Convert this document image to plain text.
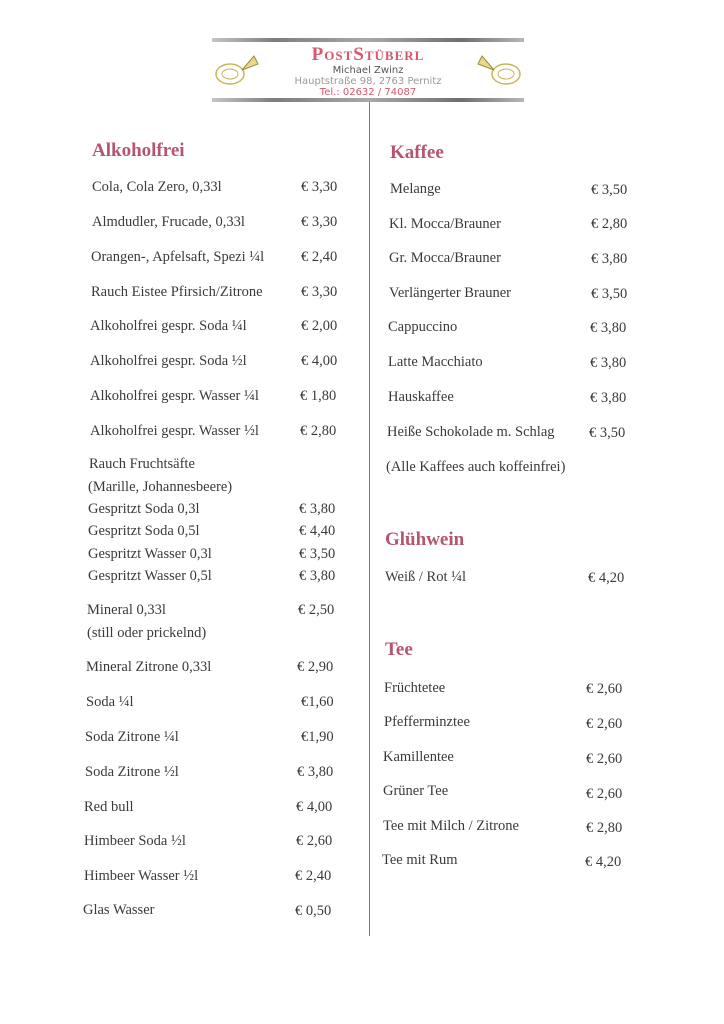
PostStüberl
Michael Zwinz
Hauptstraße 98, 2763 Pernitz
Tel.: 02632 / 74087
Alkoholfrei
Cola, Cola Zero, 0,33l	€ 3,30
Almdudler, Frucade, 0,33l	€ 3,30
Orangen-, Apfelsaft, Spezi ¼l	€ 2,40
Rauch Eistee Pfirsich/Zitrone	€ 3,30
Alkoholfrei gespr. Soda ¼l	€ 2,00
Alkoholfrei gespr. Soda ½l	€ 4,00
Alkoholfrei gespr. Wasser ¼l	€ 1,80
Alkoholfrei gespr. Wasser ½l	€ 2,80
Rauch Fruchtsäfte
(Marille, Johannesbeere)
Gespritzt Soda 0,3l	€ 3,80
Gespritzt Soda 0,5l	€ 4,40
Gespritzt Wasser 0,3l	€ 3,50
Gespritzt Wasser 0,5l	€ 3,80
Mineral 0,33l	€ 2,50
(still oder prickelnd)
Mineral Zitrone 0,33l	€ 2,90
Soda ¼l	€1,60
Soda Zitrone ¼l	€1,90
Soda Zitrone ½l	€ 3,80
Red bull	€ 4,00
Himbeer Soda ½l	€ 2,60
Himbeer Wasser ½l	€ 2,40
Glas Wasser	€ 0,50
Kaffee
Melange	€ 3,50
Kl. Mocca/Brauner	€ 2,80
Gr. Mocca/Brauner	€ 3,80
Verlängerter Brauner	€ 3,50
Cappuccino	€ 3,80
Latte Macchiato	€ 3,80
Hauskaffee	€ 3,80
Heiße Schokolade m. Schlag € 3,50
(Alle Kaffees auch koffeinfrei)
Glühwein
Weiß / Rot ¼l	€ 4,20
Tee
Früchtetee	€ 2,60
Pfefferminztee	€ 2,60
Kamillentee	€ 2,60
Grüner Tee	€ 2,60
Tee mit Milch / Zitrone	€ 2,80
Tee mit Rum	€ 4,20
